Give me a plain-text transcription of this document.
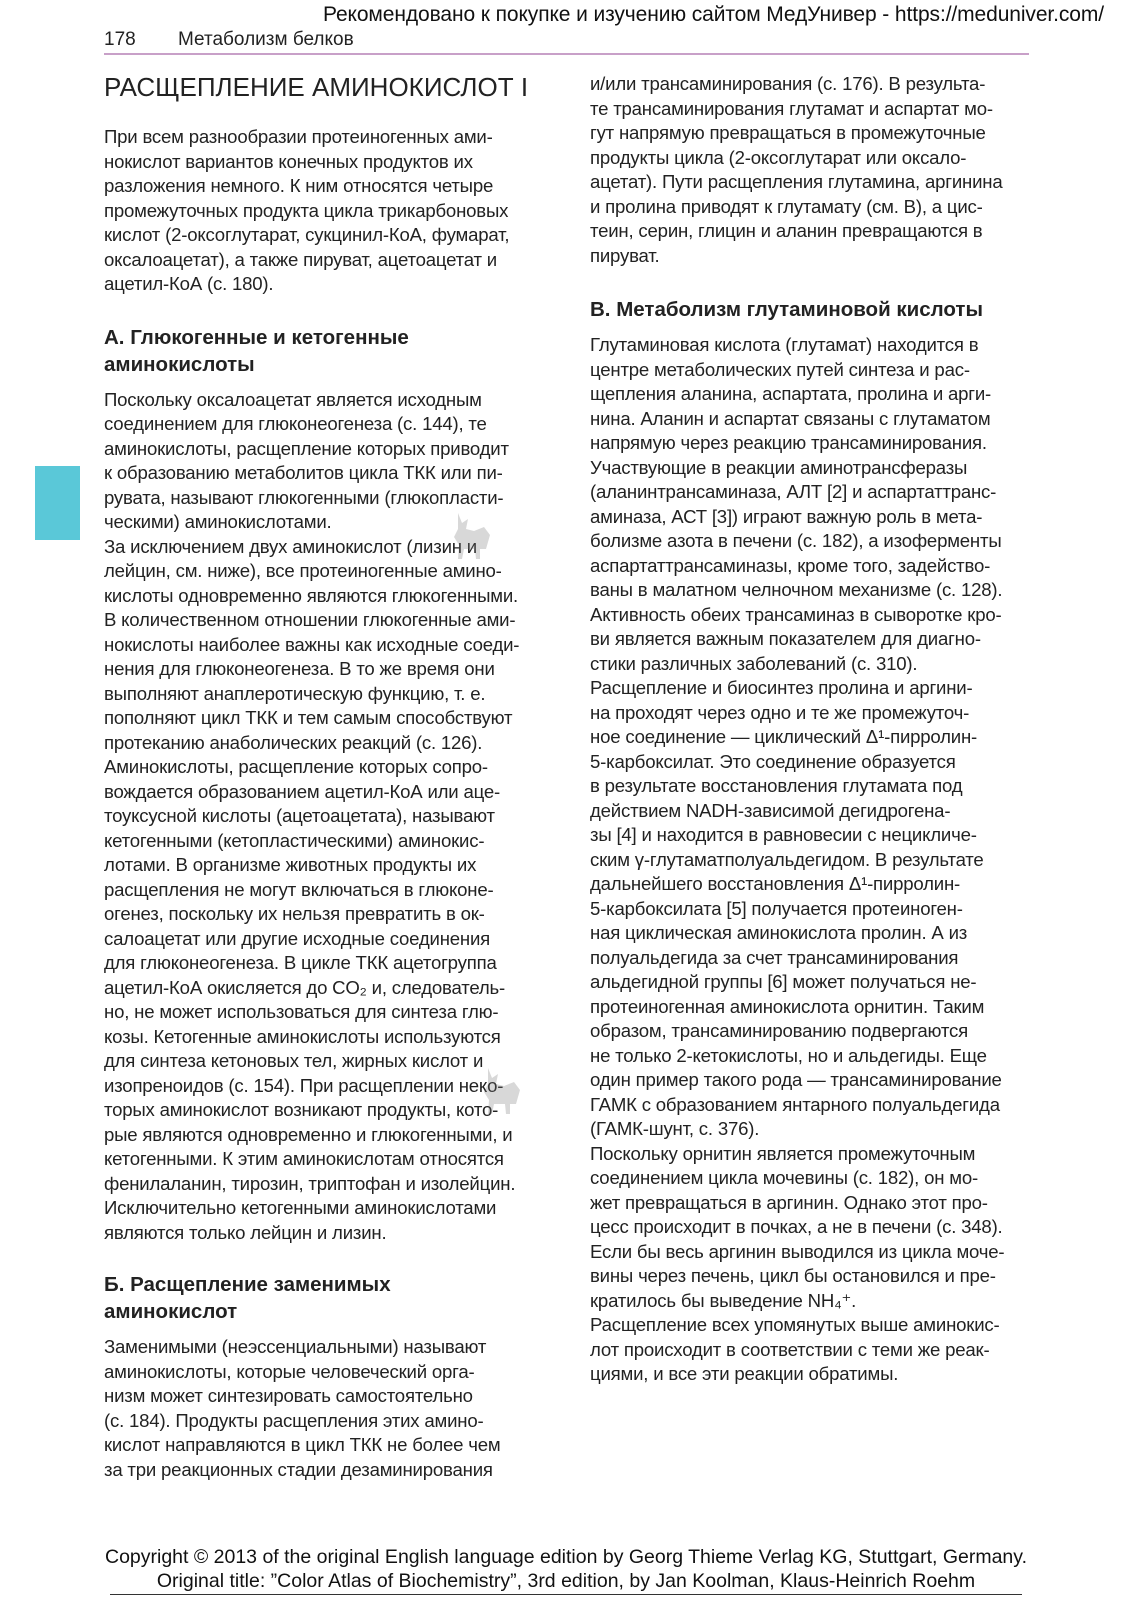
Рекомендовано к покупке и изучению сайтом МедУнивер - https://meduniver.com/
178 Метаболизм белков
РАСЩЕПЛЕНИЕ АМИНОКИСЛОТ I

При всем разнообразии протеиногенных ами-
нокислот вариантов конечных продуктов их
разложения немного. К ним относятся четыре
промежуточных продукта цикла трикарбоновых
кислот (2-оксоглутарат, сукцинил-КоА, фумарат,
оксалоацетат), а также пируват, ацетоацетат и
ацетил-КоА (с. 180).

А. Глюкогенные и кетогенные
аминокислоты

Поскольку оксалоацетат является исходным
соединением для глюконеогенеза (с. 144), те
аминокислоты, расщепление которых приводит
к образованию метаболитов цикла ТКК или пи-
рувата, называют глюкогенными (глюкопласти-
ческими) аминокислотами.

За исключением двух аминокислот (лизин
лейцин, см. ниже), все протеиногенные амино-
кислоты одновременно являются глюкогенными.
В количественном отношении глюкогенные ами-
нокислоты наиболее важны как исходные соеди-
нения для глюконеогенеза. В то же время они
выполняют анаплеротическую функцию, т. е.
пополняют цикл ТКК и тем самым способствуют
протеканию анаболических реакций (с. 126).

Аминокислоты, расщепление которых сопро-
вождается образованием ацетил-КоА или аце-
тоуксусной кислоты (ацетоацетата), называют
кетогенными (кетопластическими) аминокис-
лотами. В организме животных продукты их
расщепления не могут включаться в глюконе-
огенез, поскольку их нельзя превратить в ок-
салоацетат или другие исходные соединения
для глюконеогенеза. В цикле ТКК ацетогруппа
ацетил-КоА окисляется до CO₂ и, следователь-
но, не может использоваться для синтеза глю-
козы. Кетогенные аминокислоты используются
для синтеза кетоновых тел, жирных кислот и
изопреноидов (с. 154). При расщеплении неко-
торых аминокислот возникают продукты, кото-
рые являются одновременно и глюкогенными, и
кетогенными. К этим аминокислотам относятся
фенилаланин, тирозин, триптофан и изолейцин.
Исключительно кетогенными аминокислотами
являются только лейцин и лизин.

Б. Расщепление заменимых
аминокислот

Заменимыми (неэссенциальными) называют
аминокислоты, которые человеческий орга-
низм может синтезировать самостоятельно
(с. 184). Продукты расщепления этих амино-
кислот направляются в цикл ТКК не более чем
за три реакционных стадии дезаминирования

и/или трансаминирования (с. 176). В результа-
те трансаминирования глутамат и аспартат мо-
гут напрямую превращаться в промежуточные
продукты цикла (2-оксоглутарат или оксало-
ацетат). Пути расщепления глутамина, аргинина
и пролина приводят к глутамату (см. В), а цис-
теин, серин, глицин и аланин превращаются в
пируват.

В. Метаболизм глутаминовой кислоты

Глутаминовая кислота (глутамат) находится в
центре метаболических путей синтеза и рас-
щепления аланина, аспартата, пролина и арги-
нина. Аланин и аспартат связаны с глутаматом
напрямую через реакцию трансаминирования.
Участвующие в реакции аминотрансферазы
(аланинтрансаминаза, АЛТ [2] и аспартаттранс-
аминаза, АСТ [3]) играют важную роль в мета-
болизме азота в печени (с. 182), а изоферменты
аспартаттрансаминазы, кроме того, задейство-
ваны в малатном челночном механизме (с. 128).
Активность обеих трансаминаз в сыворотке кро-
ви является важным показателем для диагно-
стики различных заболеваний (с. 310).

Расщепление и биосинтез пролина и аргини-
на проходят через одно и те же промежуточ-
ное соединение — циклический Δ¹-пирролин-
5-карбоксилат. Это соединение образуется
в результате восстановления глутамата под
действием NADH-зависимой дегидрогена-
зы [4] и находится в равновесии с нецикличе-
ским γ-глутаматполуальдегидом. В результате
дальнейшего восстановления Δ¹-пирролин-
5-карбоксилата [5] получается протеиноген-
ная циклическая аминокислота пролин. А из
полуальдегида за счет трансаминирования
альдегидной группы [6] может получаться не-
протеиногенная аминокислота орнитин. Таким
образом, трансаминированию подвергаются
не только 2-кетокислоты, но и альдегиды. Еще
один пример такого рода — трансаминирование
ГАМК с образованием янтарного полуальдегида
(ГАМК-шунт, с. 376).

Поскольку орнитин является промежуточным
соединением цикла мочевины (с. 182), он мо-
жет превращаться в аргинин. Однако этот про-
цесс происходит в почках, а не в печени (с. 348).
Если бы весь аргинин выводился из цикла моче-
вины через печень, цикл бы остановился и пре-
кратилось бы выведение NH₄⁺.

Расщепление всех упомянутых выше аминокис-
лот происходит в соответствии с теми же реак-
циями, и все эти реакции обратимы.

Copyright © 2013 of the original English language edition by Georg Thieme Verlag KG, Stuttgart, Germany.
Original title: ”Color Atlas of Biochemistry”, 3rd edition, by Jan Koolman, Klaus-Heinrich Roehm
